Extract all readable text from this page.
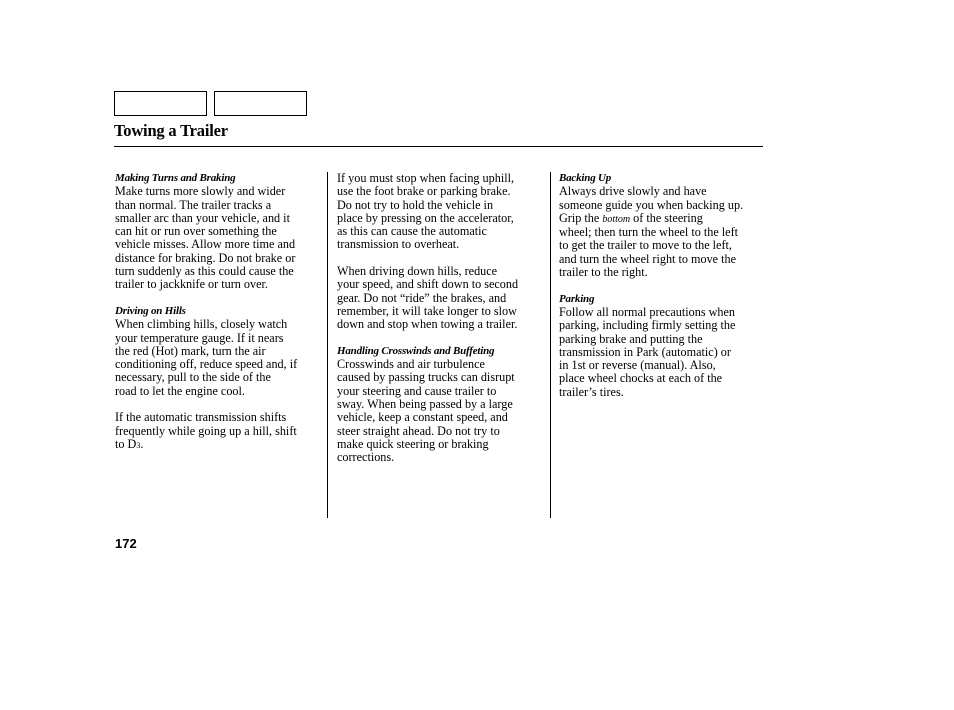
Towing a Trailer
Making Turns and Braking

Make turns more slowly and wider

than normal. The trailer tracks a

smaller arc than your vehicle, and it

can hit or run over something the

vehicle misses. Allow more time and

distance for braking. Do not brake or

turn suddenly as this could cause the

trailer to jackknife or turn over.

Driving on Hills

When climbing hills, closely watch

your temperature gauge. If it nears

the red (Hot) mark, turn the air

conditioning off, reduce speed and, if

necessary, pull to the side of the

road to let the engine cool.

If the automatic transmission shifts

frequently while going up a hill, shift

to D3.

If you must stop when facing uphill,

use the foot brake or parking brake.

Do not try to hold the vehicle in

place by pressing on the accelerator,

as this can cause the automatic

transmission to overheat.

When driving down hills, reduce

your speed, and shift down to second

gear. Do not “ride” the brakes, and

remember, it will take longer to slow

down and stop when towing a trailer.

Handling Crosswinds and Buffeting

Crosswinds and air turbulence

caused by passing trucks can disrupt

your steering and cause trailer to

sway. When being passed by a large

vehicle, keep a constant speed, and

steer straight ahead. Do not try to

make quick steering or braking

corrections.

Backing Up

Always drive slowly and have

someone guide you when backing up.

Grip the bottom of the steering

wheel; then turn the wheel to the left

to get the trailer to move to the left,

and turn the wheel right to move the

trailer to the right.

Parking

Follow all normal precautions when

parking, including firmly setting the

parking brake and putting the

transmission in Park (automatic) or

in 1st or reverse (manual). Also,

place wheel chocks at each of the

trailer’s tires.

172
